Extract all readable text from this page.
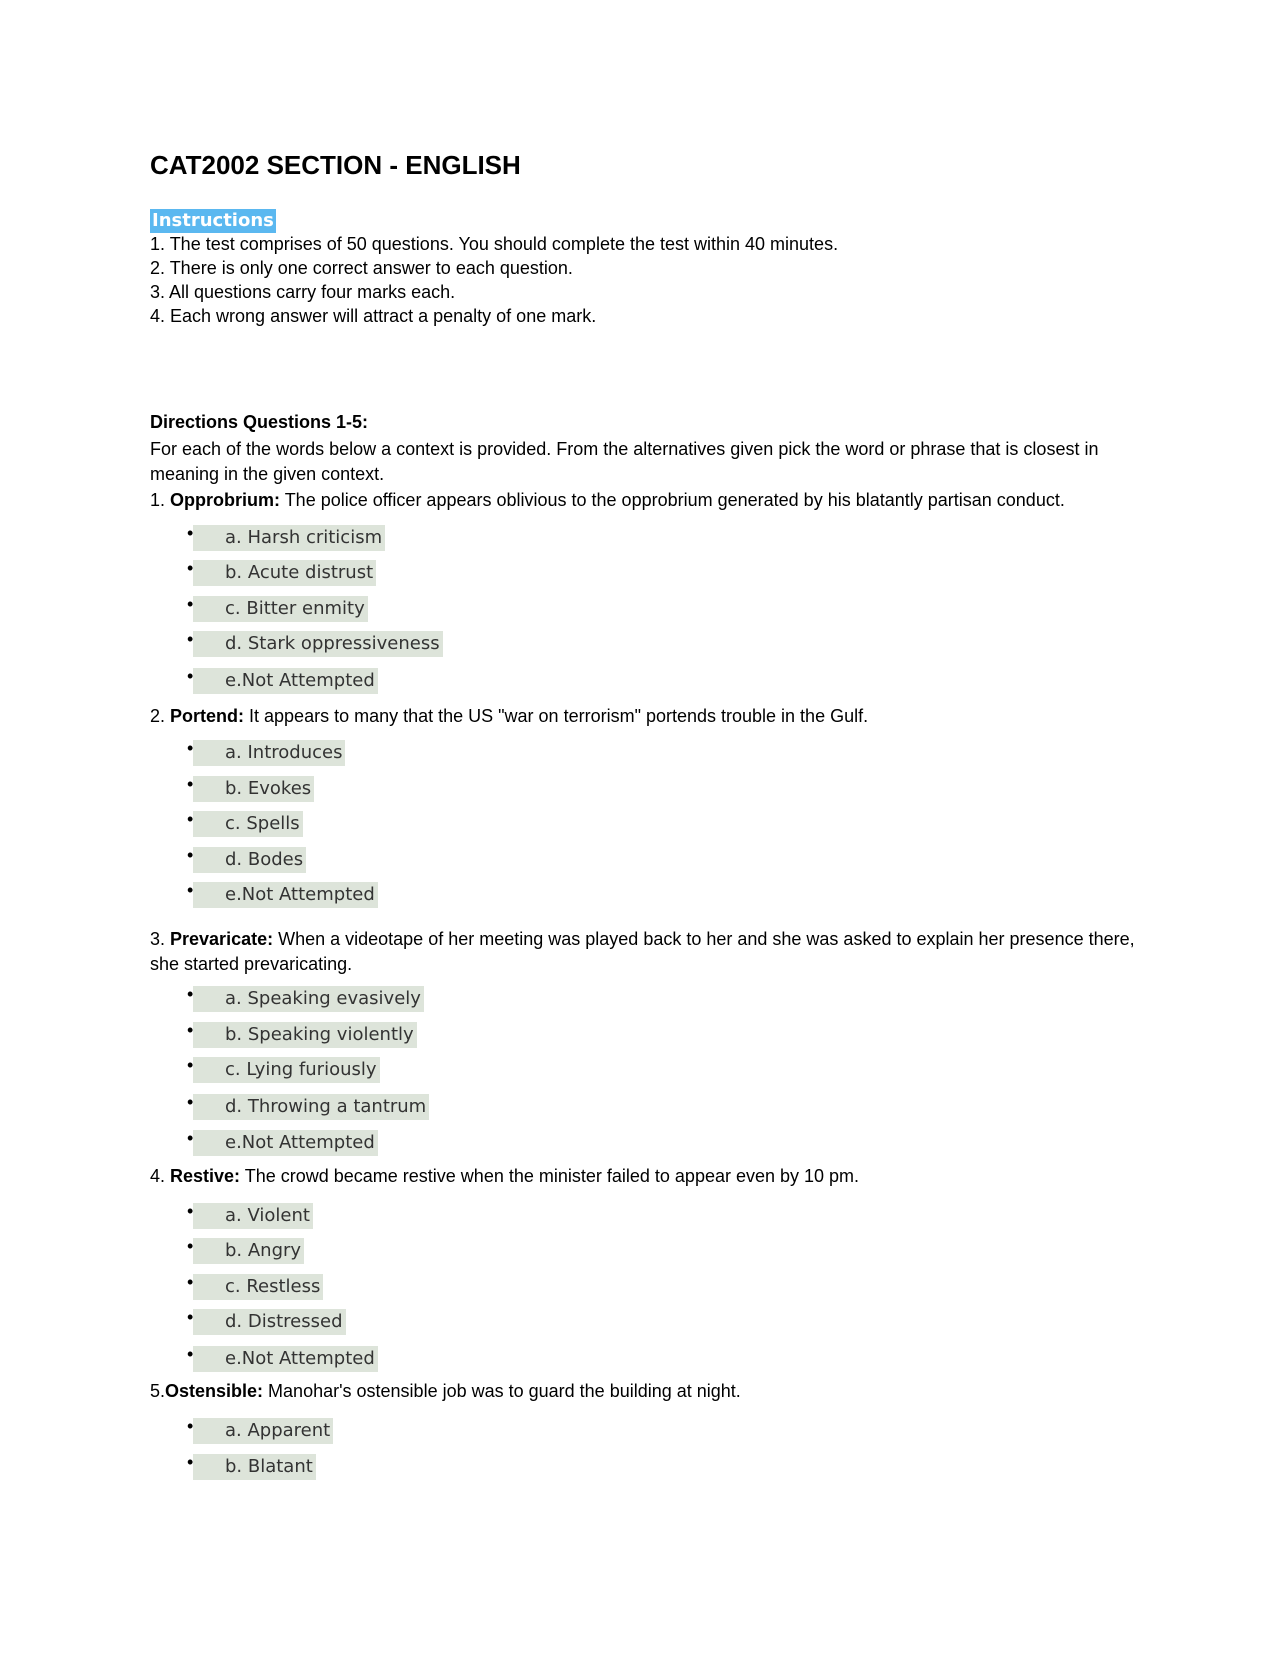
CAT2002 SECTION - ENGLISH
Instructions
1. The test comprises of 50 questions. You should complete the test within 40 minutes.
2. There is only one correct answer to each question.
3. All questions carry four marks each.
4. Each wrong answer will attract a penalty of one mark.
Directions Questions 1-5:
For each of the words below a context is provided. From the alternatives given pick the word or phrase that is closest in meaning in the given context.
1. Opprobrium: The police officer appears oblivious to the opprobrium generated by his blatantly partisan conduct.
•	a. Harsh criticism
•	b. Acute distrust
•	c. Bitter enmity
•	d. Stark oppressiveness
•	e.Not Attempted
2. Portend: It appears to many that the US "war on terrorism" portends trouble in the Gulf.
•	a. Introduces
•	b. Evokes
•	c. Spells
•	d. Bodes
•	e.Not Attempted
3. Prevaricate: When a videotape of her meeting was played back to her and she was asked to explain her presence there, she started prevaricating.
•	a. Speaking evasively
•	b. Speaking violently
•	c. Lying furiously
•	d. Throwing a tantrum
•	e.Not Attempted
4. Restive: The crowd became restive when the minister failed to appear even by 10 pm.
•	a. Violent
•	b. Angry
•	c. Restless
•	d. Distressed
•	e.Not Attempted
5.Ostensible: Manohar's ostensible job was to guard the building at night.
•	a. Apparent
•	b. Blatant
